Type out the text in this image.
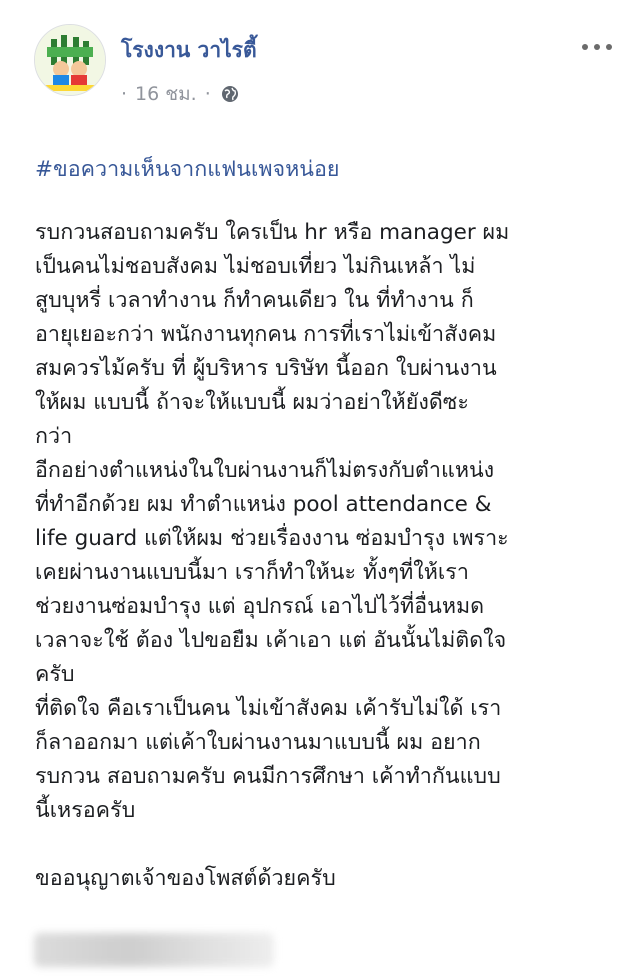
โรงงาน วาไรตี้
· 16 ชม. ·
#ขอความเห็นจากแฟนเพจหน่อย
รบกวนสอบถามครับ ใครเป็น hr หรือ manager ผม
เป็นคนไม่ชอบสังคม ไม่ชอบเที่ยว ไม่กินเหล้า ไม่
สูบบุหรี่ เวลาทำงาน ก็ทำคนเดียว ใน ที่ทำงาน ก็
อายุเยอะกว่า พนักงานทุกคน การที่เราไม่เข้าสังคม
สมควรไม้ครับ ที่ ผู้บริหาร บริษัท นี้ออก ใบผ่านงาน
ให้ผม แบบนี้ ถ้าจะให้แบบนี้ ผมว่าอย่าให้ยังดีซะ
กว่า
อีกอย่างตำแหน่งในใบผ่านงานก็ไม่ตรงกับตำแหน่ง
ที่ทำอีกด้วย ผม ทำตำแหน่ง pool attendance &
life guard แต่ให้ผม ช่วยเรื่องงาน ซ่อมบำรุง เพราะ
เคยผ่านงานแบบนี้มา เราก็ทำให้นะ ทั้งๆที่ให้เรา
ช่วยงานซ่อมบำรุง แต่ อุปกรณ์ เอาไปไว้ที่อื่นหมด
เวลาจะใช้ ต้อง ไปขอยืม เค้าเอา แต่ อันนั้นไม่ติดใจ
ครับ
ที่ติดใจ คือเราเป็นคน ไม่เข้าสังคม เค้ารับไม่ใด้ เรา
ก็ลาออกมา แต่เค้าใบผ่านงานมาแบบนี้ ผม อยาก
รบกวน สอบถามครับ คนมีการศึกษา เค้าทำกันแบบ
นี้เหรอครับ
ขออนุญาตเจ้าของโพสต์ด้วยครับ
